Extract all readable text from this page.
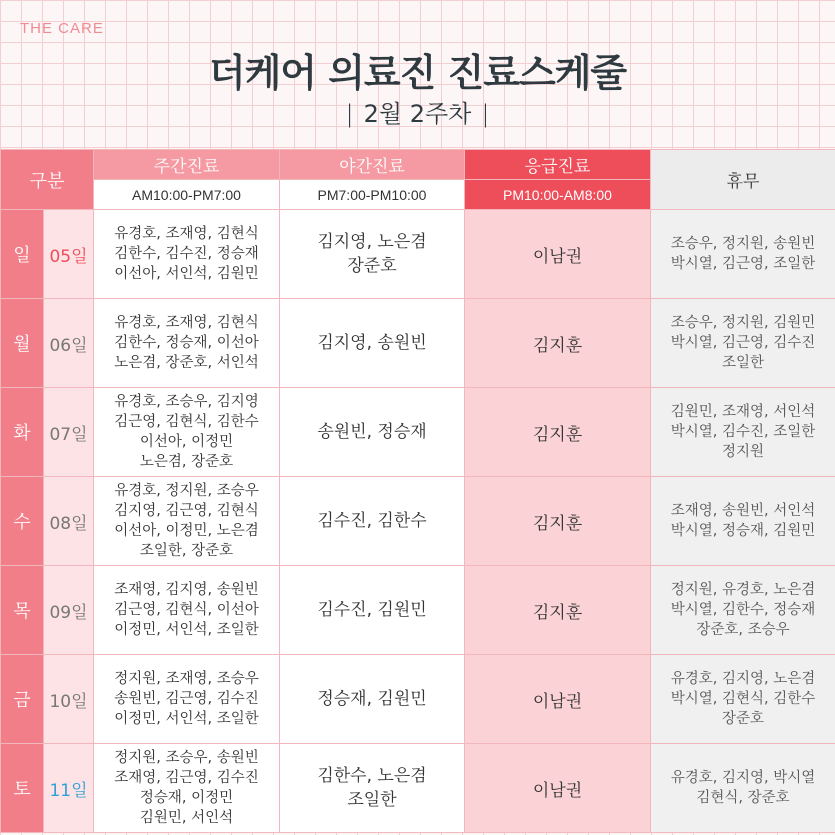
THE CARE
더케어 의료진 진료스케줄
| 2월 2주차 |
구분		주간진료	야간진료	응급진료	휴무
		AM10:00-PM7:00	PM7:00-PM10:00	PM10:00-AM8:00	
일	05일	유경호, 조재영, 김현식
김한수, 김수진, 정승재
이선아, 서인석, 김원민	김지영, 노은겸
장준호	이남권	조승우, 정지원, 송원빈
박시열, 김근영, 조일한

월	06일	유경호, 조재영, 김현식
김한수, 정승재, 이선아
노은겸, 장준호, 서인석	김지영, 송원빈	김지훈	조승우, 정지원, 김원민
박시열, 김근영, 김수진
조일한

화	07일	유경호, 조승우, 김지영
김근영, 김현식, 김한수
이선아, 이정민
노은겸, 장준호	송원빈, 정승재	김지훈	김원민, 조재영, 서인석
박시열, 김수진, 조일한
정지원

수	08일	유경호, 정지원, 조승우
김지영, 김근영, 김현식
이선아, 이정민, 노은겸
조일한, 장준호	김수진, 김한수	김지훈	조재영, 송원빈, 서인석
박시열, 정승재, 김원민

목	09일	조재영, 김지영, 송원빈
김근영, 김현식, 이선아
이정민, 서인석, 조일한	김수진, 김원민	김지훈	정지원, 유경호, 노은겸
박시열, 김한수, 정승재
장준호, 조승우

금	10일	정지원, 조재영, 조승우
송원빈, 김근영, 김수진
이정민, 서인석, 조일한	정승재, 김원민	이남권	유경호, 김지영, 노은겸
박시열, 김현식, 김한수
장준호

토	11일	정지원, 조승우, 송원빈
조재영, 김근영, 김수진
정승재, 이정민
김원민, 서인석	김한수, 노은겸
조일한	이남권	유경호, 김지영, 박시열
김현식, 장준호
